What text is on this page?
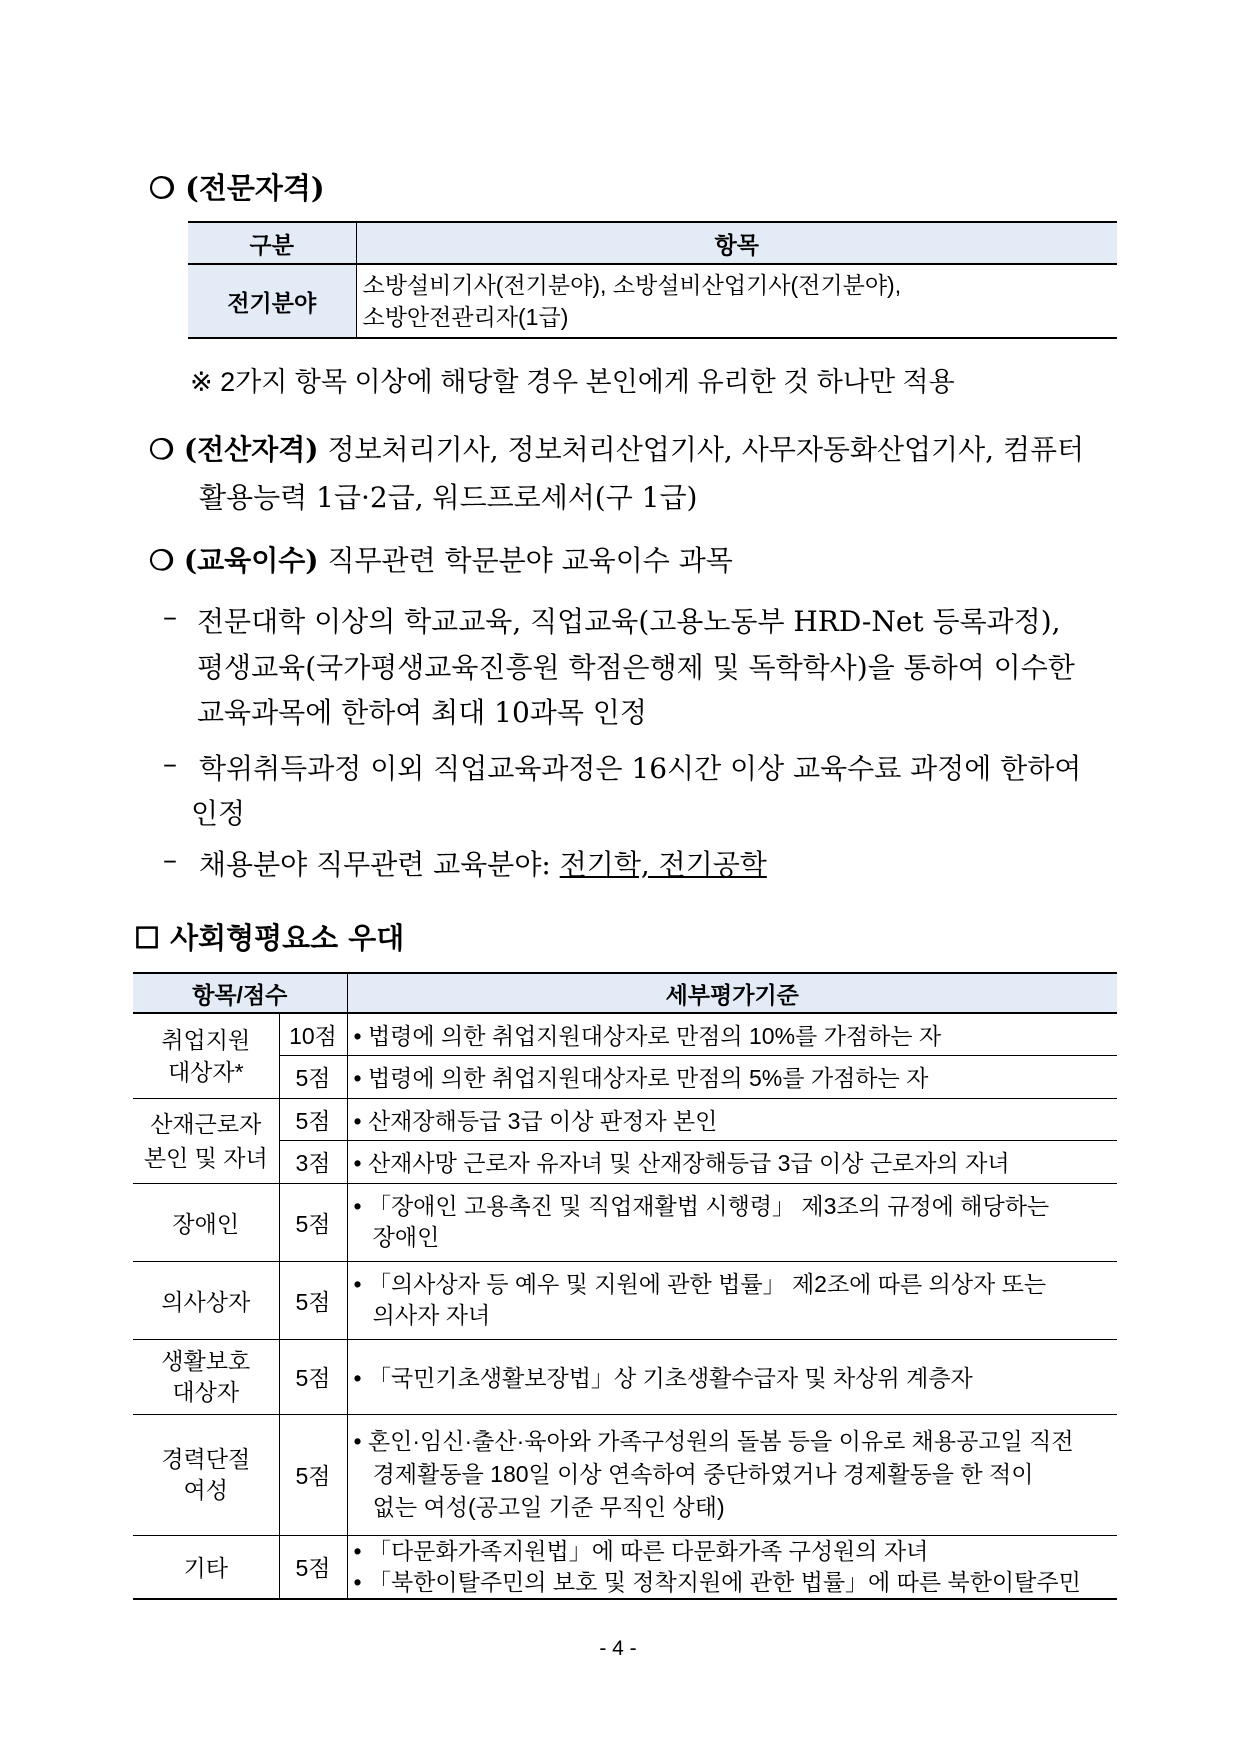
❍ (전문자격)
구분	항목
전기분야	소방설비기사(전기분야), 소방설비산업기사(전기분야),
소방안전관리자(1급)
※ 2가지 항목 이상에 해당할 경우 본인에게 유리한 것 하나만 적용
❍ (전산자격) 정보처리기사, 정보처리산업기사, 사무자동화산업기사, 컴퓨터
활용능력 1급·2급, 워드프로세서(구 1급)
❍ (교육이수) 직무관련 학문분야 교육이수 과목
– 전문대학 이상의 학교교육, 직업교육(고용노동부 HRD-Net 등록과정),
평생교육(국가평생교육진흥원 학점은행제 및 독학학사)을 통하여 이수한
교육과목에 한하여 최대 10과목 인정
– 학위취득과정 이외 직업교육과정은 16시간 이상 교육수료 과정에 한하여
인정
– 채용분야 직무관련 교육분야: 전기학, 전기공학
☐ 사회형평요소 우대
항목/점수		세부평가기준
취업지원
대상자*	10점	• 법령에 의한 취업지원대상자로 만점의 10%를 가점하는 자
	5점	• 법령에 의한 취업지원대상자로 만점의 5%를 가점하는 자
산재근로자
본인 및 자녀	5점	• 산재장해등급 3급 이상 판정자 본인
	3점	• 산재사망 근로자 유자녀 및 산재장해등급 3급 이상 근로자의 자녀
장애인	5점	• 「장애인 고용촉진 및 직업재활법 시행령」 제3조의 규정에 해당하는
장애인
의사상자	5점	• 「의사상자 등 예우 및 지원에 관한 법률」 제2조에 따른 의상자 또는
의사자 자녀
생활보호
대상자	5점	• 「국민기초생활보장법」상 기초생활수급자 및 차상위 계층자
경력단절
여성	5점	• 혼인·임신·출산·육아와 가족구성원의 돌봄 등을 이유로 채용공고일 직전
경제활동을 180일 이상 연속하여 중단하였거나 경제활동을 한 적이
없는 여성(공고일 기준 무직인 상태)
기타	5점	• 「다문화가족지원법」에 따른 다문화가족 구성원의 자녀
• 「북한이탈주민의 보호 및 정착지원에 관한 법률」에 따른 북한이탈주민
- 4 -
